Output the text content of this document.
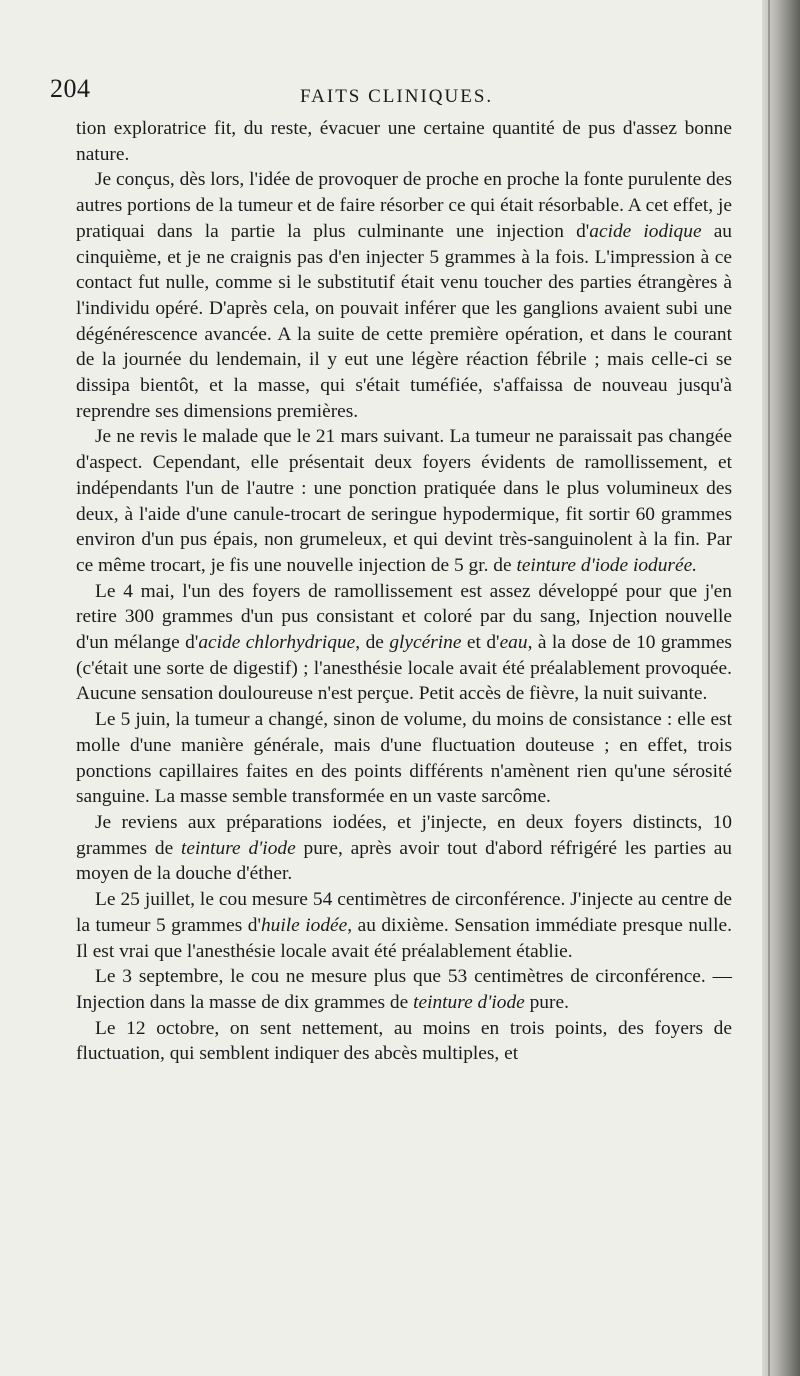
204	FAITS CLINIQUES.

tion exploratrice fit, du reste, évacuer une certaine quantité de pus d'assez bonne nature.

Je conçus, dès lors, l'idée de provoquer de proche en proche la fonte purulente des autres portions de la tumeur et de faire résorber ce qui était résorbable. A cet effet, je pratiquai dans la partie la plus culminante une injection d'acide iodique au cinquième, et je ne craignis pas d'en injecter 5 grammes à la fois. L'impression à ce contact fut nulle, comme si le substitutif était venu toucher des parties étrangères à l'individu opéré. D'après cela, on pouvait inférer que les ganglions avaient subi une dégénérescence avancée. A la suite de cette première opération, et dans le courant de la journée du lendemain, il y eut une légère réaction fébrile ; mais celle-ci se dissipa bientôt, et la masse, qui s'était tuméfiée, s'affaissa de nouveau jusqu'à reprendre ses dimensions premières.

Je ne revis le malade que le 21 mars suivant. La tumeur ne paraissait pas changée d'aspect. Cependant, elle présentait deux foyers évidents de ramollissement, et indépendants l'un de l'autre : une ponction pratiquée dans le plus volumineux des deux, à l'aide d'une canule-trocart de seringue hypodermique, fit sortir 60 grammes environ d'un pus épais, non grumeleux, et qui devint très-sanguinolent à la fin. Par ce même trocart, je fis une nouvelle injection de 5 gr. de teinture d'iode iodurée.

Le 4 mai, l'un des foyers de ramollissement est assez développé pour que j'en retire 300 grammes d'un pus consistant et coloré par du sang, Injection nouvelle d'un mélange d'acide chlorhydrique, de glycérine et d'eau, à la dose de 10 grammes (c'était une sorte de digestif) ; l'anesthésie locale avait été préalablement provoquée. Aucune sensation douloureuse n'est perçue. Petit accès de fièvre, la nuit suivante.

Le 5 juin, la tumeur a changé, sinon de volume, du moins de consistance : elle est molle d'une manière générale, mais d'une fluctuation douteuse ; en effet, trois ponctions capillaires faites en des points différents n'amènent rien qu'une sérosité sanguine. La masse semble transformée en un vaste sarcôme.

Je reviens aux préparations iodées, et j'injecte, en deux foyers distincts, 10 grammes de teinture d'iode pure, après avoir tout d'abord réfrigéré les parties au moyen de la douche d'éther.

Le 25 juillet, le cou mesure 54 centimètres de circonférence. J'injecte au centre de la tumeur 5 grammes d'huile iodée, au dixième. Sensation immédiate presque nulle. Il est vrai que l'anesthésie locale avait été préalablement établie.

Le 3 septembre, le cou ne mesure plus que 53 centimètres de circonférence. — Injection dans la masse de dix grammes de teinture d'iode pure.

Le 12 octobre, on sent nettement, au moins en trois points, des foyers de fluctuation, qui semblent indiquer des abcès multiples, et
